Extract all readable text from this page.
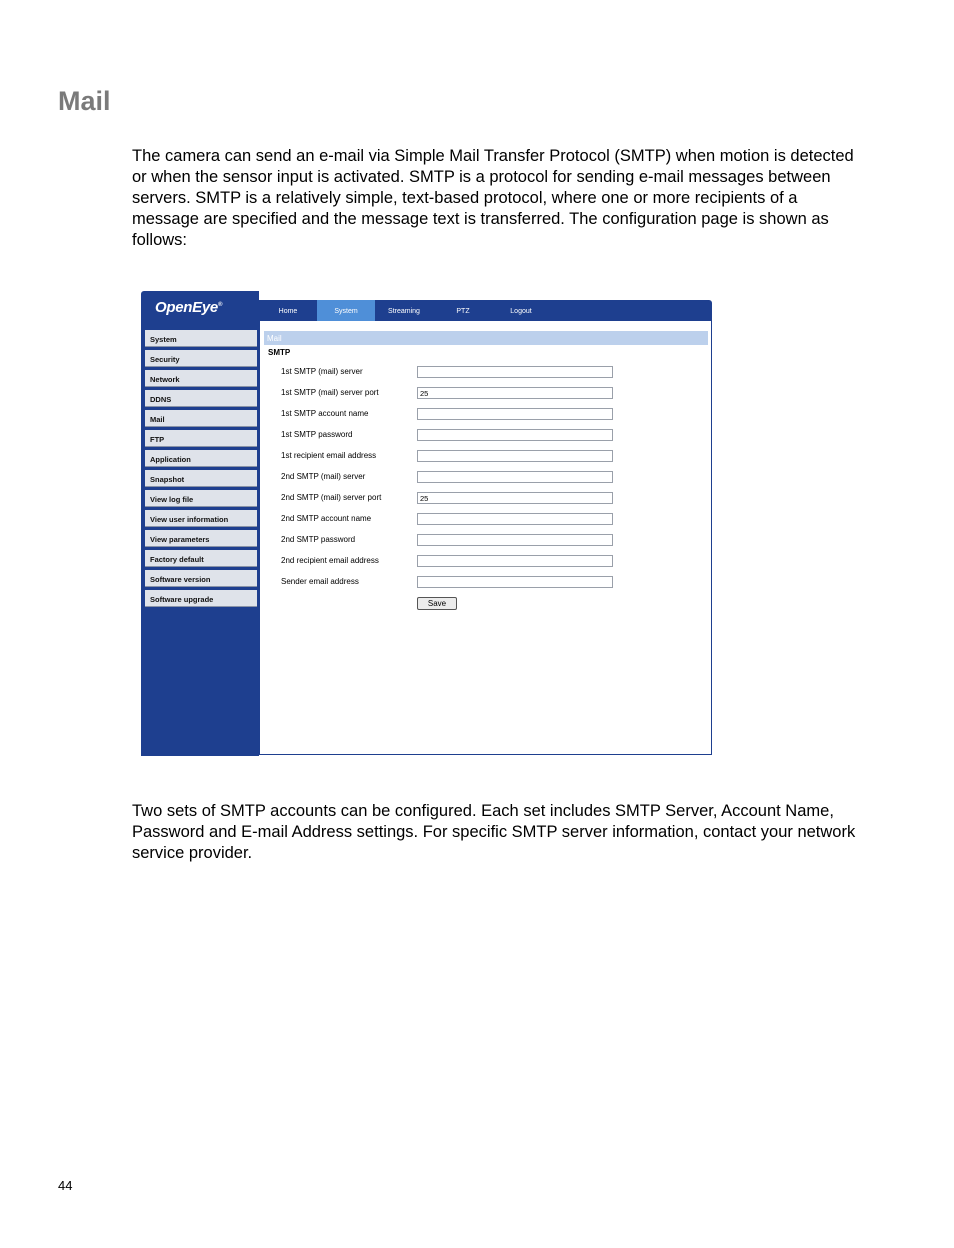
Mail

The camera can send an e-mail via Simple Mail Transfer Protocol (SMTP) when motion is detected or when the sensor input is activated. SMTP is a protocol for sending e-mail messages between servers. SMTP is a relatively simple, text-based protocol, where one or more recipients of a message are specified and the message text is transferred. The configuration page is shown as follows:

OpenEye®
System
Security
Network
DDNS
Mail
FTP
Application
Snapshot
View log file
View user information
View parameters
Factory default
Software version
Software upgrade
Home	System	Streaming	PTZ	Logout
Mail
SMTP
1st SMTP (mail) server
1st SMTP (mail) server port	25
1st SMTP account name
1st SMTP password
1st recipient email address
2nd SMTP (mail) server
2nd SMTP (mail) server port	25
2nd SMTP account name
2nd SMTP password
2nd recipient email address
Sender email address
Save

Two sets of SMTP accounts can be configured. Each set includes SMTP Server, Account Name, Password and E-mail Address settings. For specific SMTP server information, contact your network service provider.

44
